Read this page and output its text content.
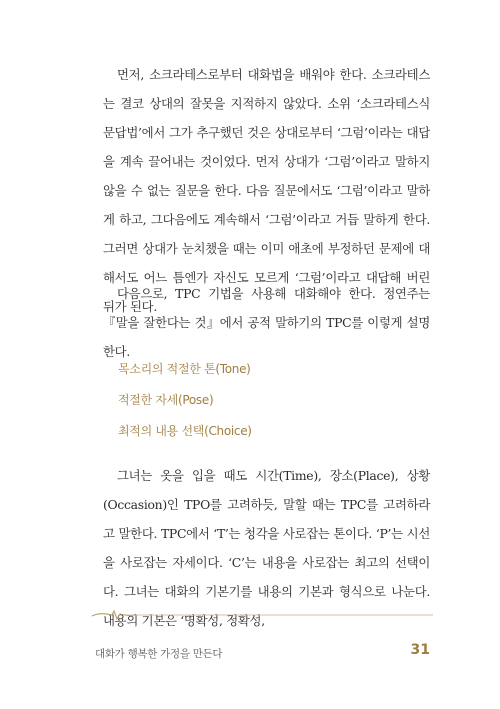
먼저, 소크라테스로부터 대화법을 배워야 한다. 소크라테스는 결코 상대의 잘못을 지적하지 않았다. 소위 ‘소크라테스식 문답법’에서 그가 추구했던 것은 상대로부터 ‘그럼’이라는 대답을 계속 끌어내는 것이었다. 먼저 상대가 ‘그럼’이라고 말하지 않을 수 없는 질문을 한다. 다음 질문에서도 ‘그럼’이라고 말하게 하고, 그다음에도 계속해서 ‘그럼’이라고 거듭 말하게 한다. 그러면 상대가 눈치챘을 때는 이미 애초에 부정하던 문제에 대해서도 어느 틈엔가 자신도 모르게 ‘그럼’이라고 대답해 버린 뒤가 된다.

다음으로, TPC 기법을 사용해 대화해야 한다. 정연주는 『말을 잘한다는 것』에서 공적 말하기의 TPC를 이렇게 설명한다.

목소리의 적절한 톤(Tone)
적절한 자세(Pose)
최적의 내용 선택(Choice)

그녀는 옷을 입을 때도 시간(Time), 장소(Place), 상황(Occasion)인 TPO를 고려하듯, 말할 때는 TPC를 고려하라고 말한다. TPC에서 ‘T’는 청각을 사로잡는 톤이다. ‘P’는 시선을 사로잡는 자세이다. ‘C’는 내용을 사로잡는 최고의 선택이다. 그녀는 대화의 기본기를 내용의 기본과 형식으로 나눈다. 내용의 기본은 ‘명확성, 정확성,

대화가 행복한 가정을 만든다	31
